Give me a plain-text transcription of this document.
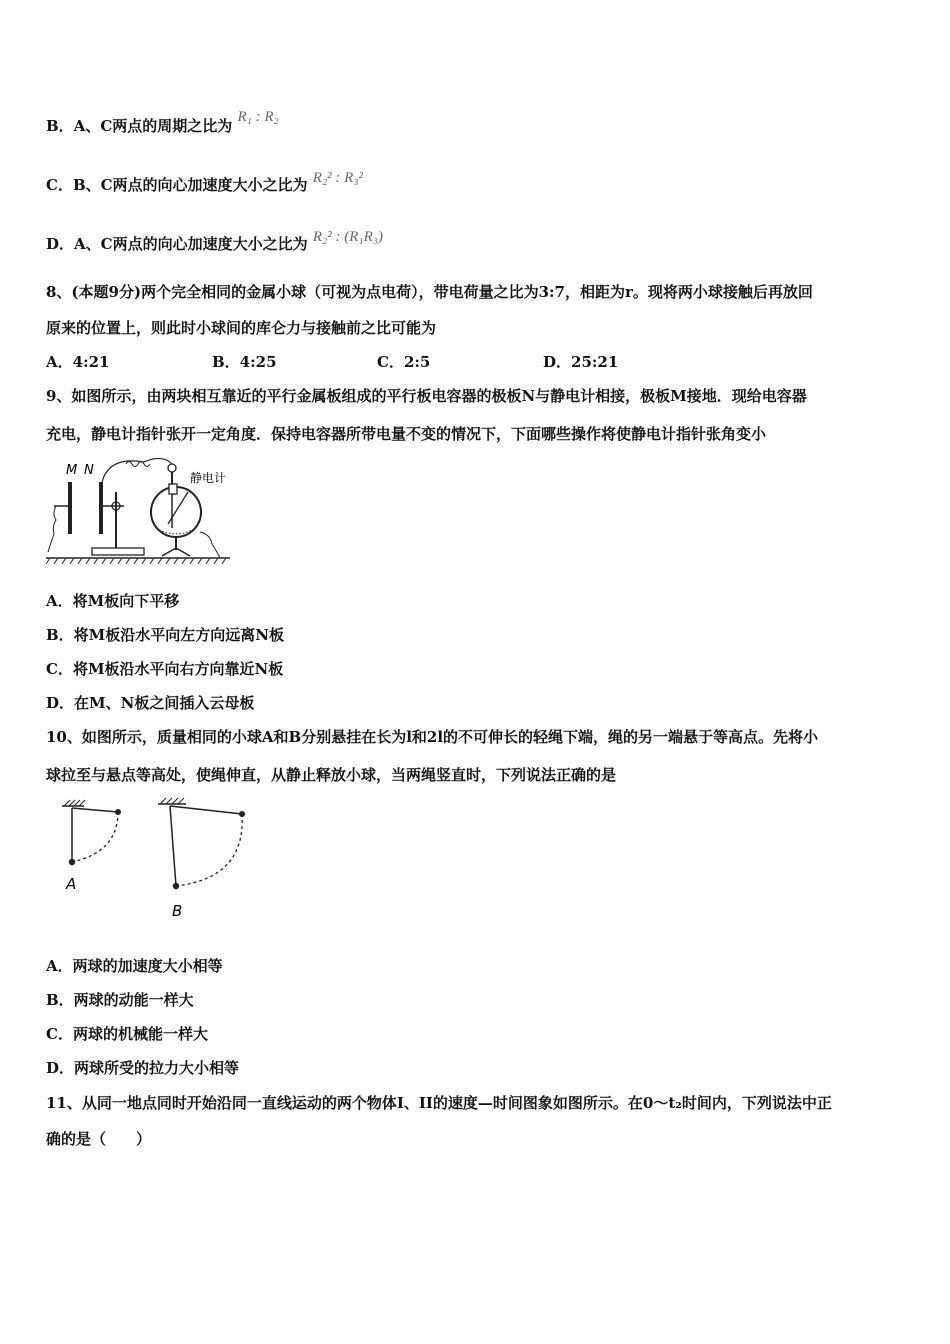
B．A、C两点的周期之比为 R₁ : R₂
C．B、C两点的向心加速度大小之比为 R₂² : R₃²
D．A、C两点的向心加速度大小之比为 R₂² : (R₁R₃)
8、(本题9分)两个完全相同的金属小球（可视为点电荷），带电荷量之比为3:7，相距为r。现将两小球接触后再放回
原来的位置上，则此时小球间的库仑力与接触前之比可能为
A．4:21	B．4:25	C．2:5	D．25:21
9、如图所示，由两块相互靠近的平行金属板组成的平行板电容器的极板N与静电计相接，极板M接地．现给电容器
充电，静电计指针张开一定角度．保持电容器所带电量不变的情况下，下面哪些操作将使静电计指针张角变小
M N	静电计
A．将M板向下平移
B．将M板沿水平向左方向远离N板
C．将M板沿水平向右方向靠近N板
D．在M、N板之间插入云母板
10、如图所示，质量相同的小球A和B分别悬挂在长为l和2l的不可伸长的轻绳下端，绳的另一端悬于等高点。先将小
球拉至与悬点等高处，使绳伸直，从静止释放小球，当两绳竖直时，下列说法正确的是
A
B
A．两球的加速度大小相等
B．两球的动能一样大
C．两球的机械能一样大
D．两球所受的拉力大小相等
11、从同一地点同时开始沿同一直线运动的两个物体I、II的速度—时间图象如图所示。在0～t₂时间内，下列说法中正
确的是（　　）
